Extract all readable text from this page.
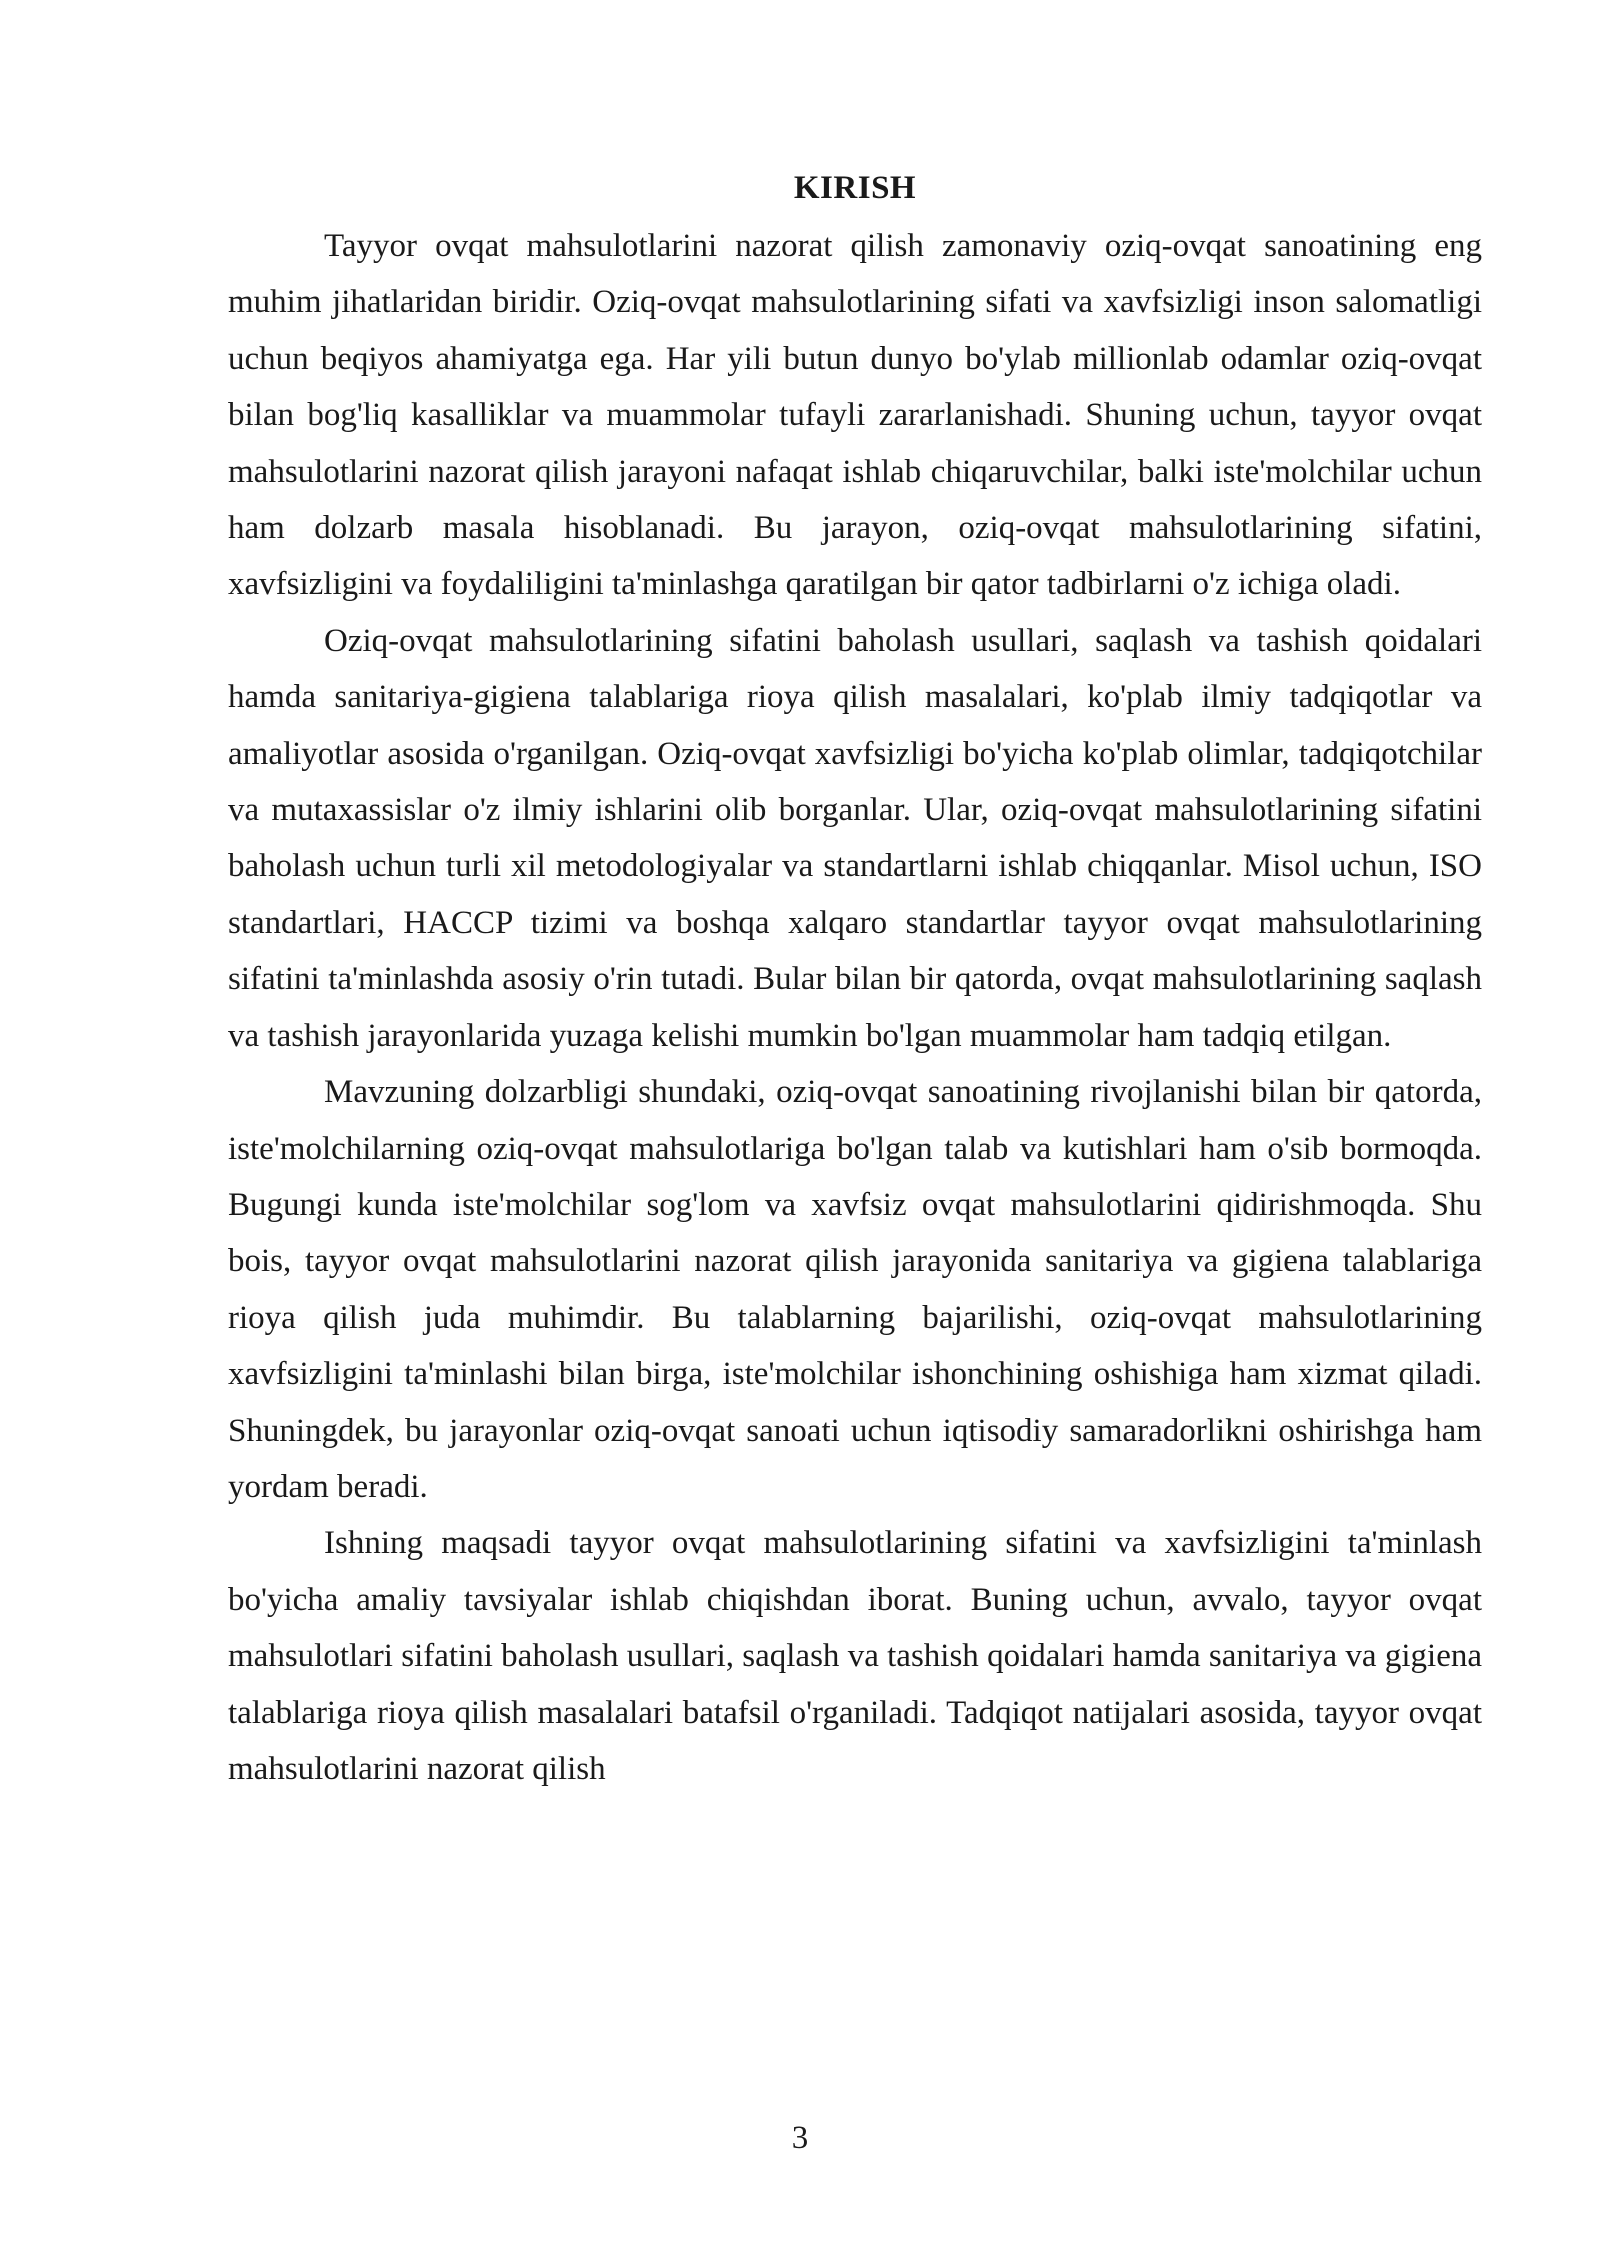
KIRISH

Tayyor ovqat mahsulotlarini nazorat qilish zamonaviy oziq-ovqat sanoatining eng muhim jihatlaridan biridir. Oziq-ovqat mahsulotlarining sifati va xavfsizligi inson salomatligi uchun beqiyos ahamiyatga ega. Har yili butun dunyo bo'ylab millionlab odamlar oziq-ovqat bilan bog'liq kasalliklar va muammolar tufayli zararlanishadi. Shuning uchun, tayyor ovqat mahsulotlarini nazorat qilish jarayoni nafaqat ishlab chiqaruvchilar, balki iste'molchilar uchun ham dolzarb masala hisoblanadi. Bu jarayon, oziq-ovqat mahsulotlarining sifatini, xavfsizligini va foydaliligini ta'minlashga qaratilgan bir qator tadbirlarni o'z ichiga oladi.

Oziq-ovqat mahsulotlarining sifatini baholash usullari, saqlash va tashish qoidalari hamda sanitariya-gigiena talablariga rioya qilish masalalari, ko'plab ilmiy tadqiqotlar va amaliyotlar asosida o'rganilgan. Oziq-ovqat xavfsizligi bo'yicha ko'plab olimlar, tadqiqotchilar va mutaxassislar o'z ilmiy ishlarini olib borganlar. Ular, oziq-ovqat mahsulotlarining sifatini baholash uchun turli xil metodologiyalar va standartlarni ishlab chiqqanlar. Misol uchun, ISO standartlari, HACCP tizimi va boshqa xalqaro standartlar tayyor ovqat mahsulotlarining sifatini ta'minlashda asosiy o'rin tutadi. Bular bilan bir qatorda, ovqat mahsulotlarining saqlash va tashish jarayonlarida yuzaga kelishi mumkin bo'lgan muammolar ham tadqiq etilgan.

Mavzuning dolzarbligi shundaki, oziq-ovqat sanoatining rivojlanishi bilan bir qatorda, iste'molchilarning oziq-ovqat mahsulotlariga bo'lgan talab va kutishlari ham o'sib bormoqda. Bugungi kunda iste'molchilar sog'lom va xavfsiz ovqat mahsulotlarini qidirishmoqda. Shu bois, tayyor ovqat mahsulotlarini nazorat qilish jarayonida sanitariya va gigiena talablariga rioya qilish juda muhimdir. Bu talablarning bajarilishi, oziq-ovqat mahsulotlarining xavfsizligini ta'minlashi bilan birga, iste'molchilar ishonchining oshishiga ham xizmat qiladi. Shuningdek, bu jarayonlar oziq-ovqat sanoati uchun iqtisodiy samaradorlikni oshirishga ham yordam beradi.

Ishning maqsadi tayyor ovqat mahsulotlarining sifatini va xavfsizligini ta'minlash bo'yicha amaliy tavsiyalar ishlab chiqishdan iborat. Buning uchun, avvalo, tayyor ovqat mahsulotlari sifatini baholash usullari, saqlash va tashish qoidalari hamda sanitariya va gigiena talablariga rioya qilish masalalari batafsil o'rganiladi. Tadqiqot natijalari asosida, tayyor ovqat mahsulotlarini nazorat qilish

3
